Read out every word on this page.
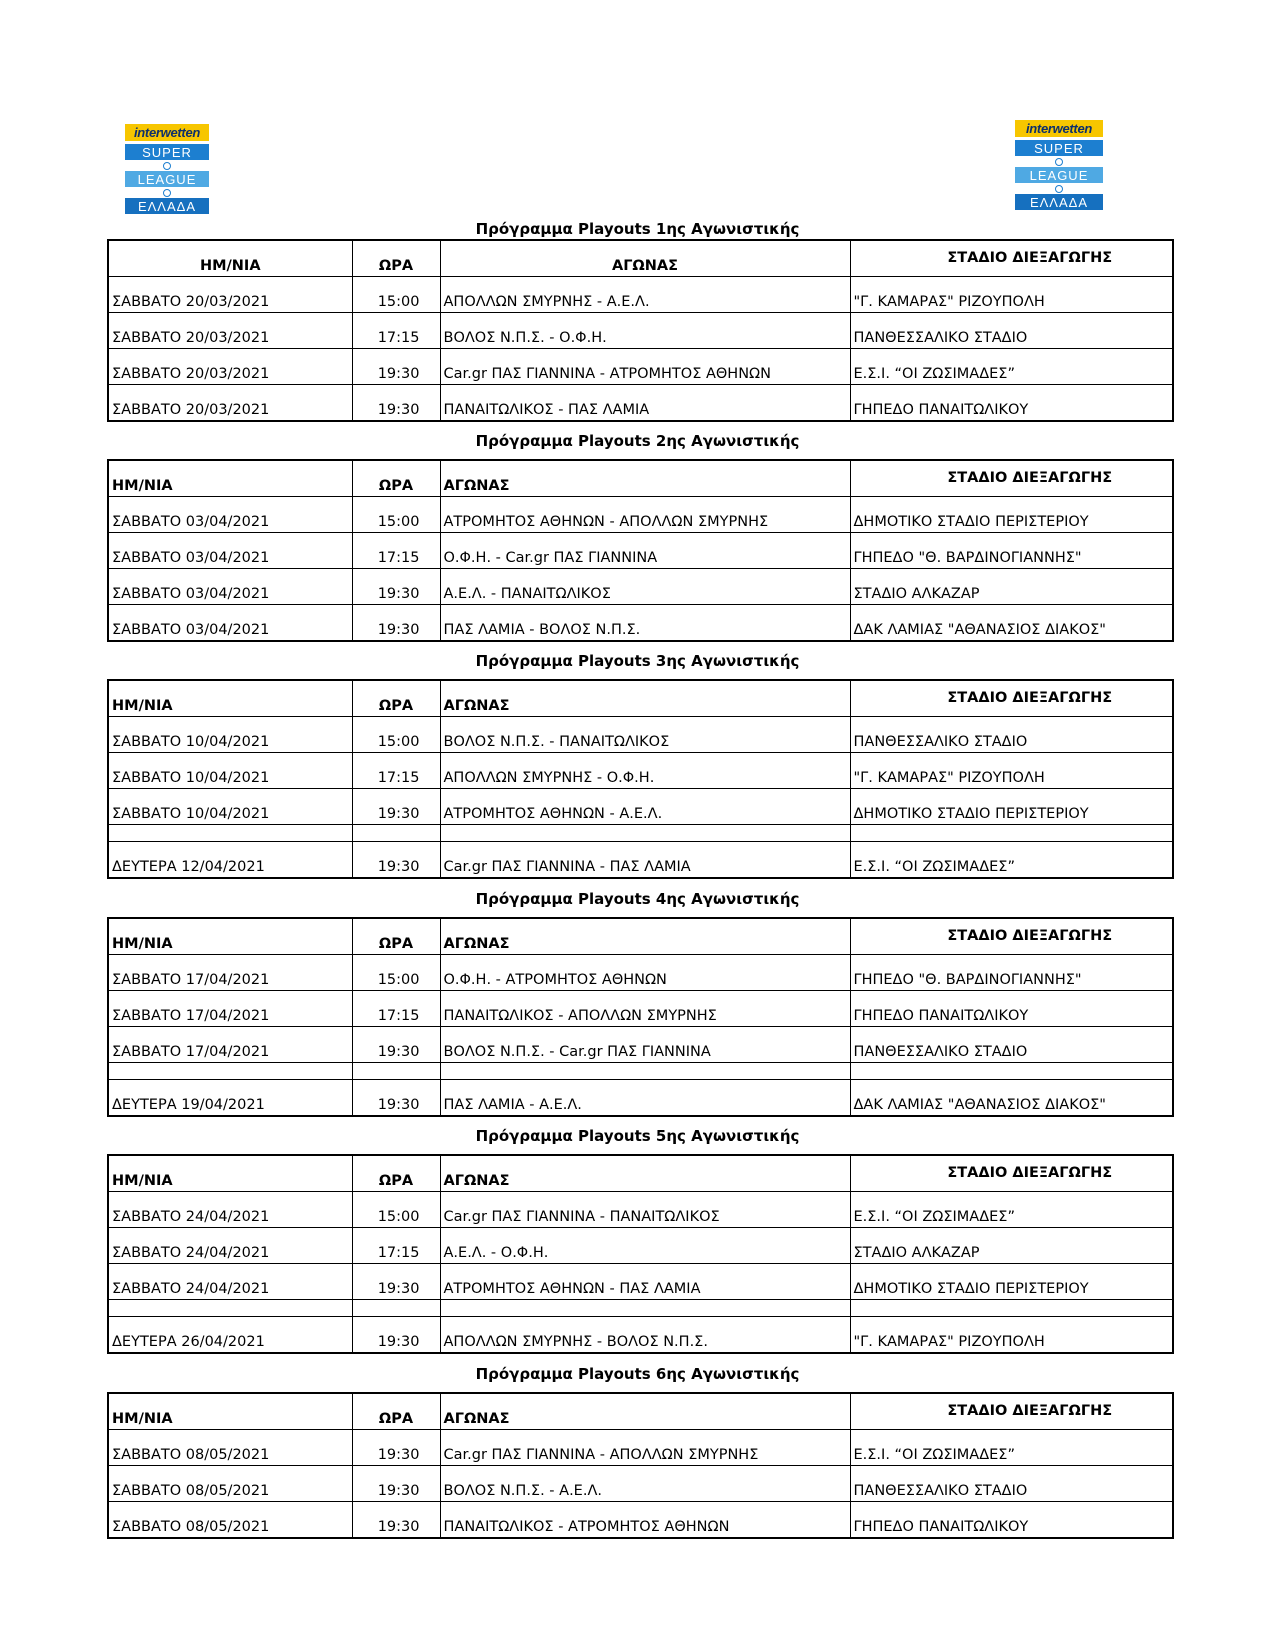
interwetten
SUPER
LEAGUE
ΕΛΛΑΔΑ
interwetten
SUPER
LEAGUE
ΕΛΛΑΔΑ
Πρόγραμμα Playouts 1ης Αγωνιστικής
ΗΜ/ΝΙΑ	ΩΡΑ	ΑΓΩΝΑΣ	ΣΤΑΔΙΟ ΔΙΕΞΑΓΩΓΗΣ
ΣΑΒΒΑΤΟ 20/03/2021	15:00	ΑΠΟΛΛΩΝ ΣΜΥΡΝΗΣ - Α.Ε.Λ.	"Γ. ΚΑΜΑΡΑΣ" ΡΙΖΟΥΠΟΛΗ
ΣΑΒΒΑΤΟ 20/03/2021	17:15	ΒΟΛΟΣ Ν.Π.Σ. - Ο.Φ.Η.	ΠΑΝΘΕΣΣΑΛΙΚΟ ΣΤΑΔΙΟ
ΣΑΒΒΑΤΟ 20/03/2021	19:30	Car.gr ΠΑΣ ΓΙΑΝΝΙΝΑ - ΑΤΡΟΜΗΤΟΣ ΑΘΗΝΩΝ	Ε.Σ.Ι. “ΟΙ ΖΩΣΙΜΑΔΕΣ”
ΣΑΒΒΑΤΟ 20/03/2021	19:30	ΠΑΝΑΙΤΩΛΙΚΟΣ - ΠΑΣ ΛΑΜΙΑ	ΓΗΠΕΔΟ ΠΑΝΑΙΤΩΛΙΚΟΥ
Πρόγραμμα Playouts 2ης Αγωνιστικής
ΗΜ/ΝΙΑ	ΩΡΑ	ΑΓΩΝΑΣ	ΣΤΑΔΙΟ ΔΙΕΞΑΓΩΓΗΣ
ΣΑΒΒΑΤΟ 03/04/2021	15:00	ΑΤΡΟΜΗΤΟΣ ΑΘΗΝΩΝ - ΑΠΟΛΛΩΝ ΣΜΥΡΝΗΣ	ΔΗΜΟΤΙΚΟ ΣΤΑΔΙΟ ΠΕΡΙΣΤΕΡΙΟΥ
ΣΑΒΒΑΤΟ 03/04/2021	17:15	Ο.Φ.Η. - Car.gr ΠΑΣ ΓΙΑΝΝΙΝΑ	ΓΗΠΕΔΟ "Θ. ΒΑΡΔΙΝΟΓΙΑΝΝΗΣ"
ΣΑΒΒΑΤΟ 03/04/2021	19:30	Α.Ε.Λ. - ΠΑΝΑΙΤΩΛΙΚΟΣ	ΣΤΑΔΙΟ ΑΛΚΑΖΑΡ
ΣΑΒΒΑΤΟ 03/04/2021	19:30	ΠΑΣ ΛΑΜΙΑ - ΒΟΛΟΣ Ν.Π.Σ.	ΔΑΚ ΛΑΜΙΑΣ "ΑΘΑΝΑΣΙΟΣ ΔΙΑΚΟΣ"
Πρόγραμμα Playouts 3ης Αγωνιστικής
ΗΜ/ΝΙΑ	ΩΡΑ	ΑΓΩΝΑΣ	ΣΤΑΔΙΟ ΔΙΕΞΑΓΩΓΗΣ
ΣΑΒΒΑΤΟ 10/04/2021	15:00	ΒΟΛΟΣ Ν.Π.Σ. - ΠΑΝΑΙΤΩΛΙΚΟΣ	ΠΑΝΘΕΣΣΑΛΙΚΟ ΣΤΑΔΙΟ
ΣΑΒΒΑΤΟ 10/04/2021	17:15	ΑΠΟΛΛΩΝ ΣΜΥΡΝΗΣ - Ο.Φ.Η.	"Γ. ΚΑΜΑΡΑΣ" ΡΙΖΟΥΠΟΛΗ
ΣΑΒΒΑΤΟ 10/04/2021	19:30	ΑΤΡΟΜΗΤΟΣ ΑΘΗΝΩΝ - Α.Ε.Λ.	ΔΗΜΟΤΙΚΟ ΣΤΑΔΙΟ ΠΕΡΙΣΤΕΡΙΟΥ

ΔΕΥΤΕΡΑ 12/04/2021	19:30	Car.gr ΠΑΣ ΓΙΑΝΝΙΝΑ - ΠΑΣ ΛΑΜΙΑ	Ε.Σ.Ι. “ΟΙ ΖΩΣΙΜΑΔΕΣ”
Πρόγραμμα Playouts 4ης Αγωνιστικής
ΗΜ/ΝΙΑ	ΩΡΑ	ΑΓΩΝΑΣ	ΣΤΑΔΙΟ ΔΙΕΞΑΓΩΓΗΣ
ΣΑΒΒΑΤΟ 17/04/2021	15:00	Ο.Φ.Η. - ΑΤΡΟΜΗΤΟΣ ΑΘΗΝΩΝ	ΓΗΠΕΔΟ "Θ. ΒΑΡΔΙΝΟΓΙΑΝΝΗΣ"
ΣΑΒΒΑΤΟ 17/04/2021	17:15	ΠΑΝΑΙΤΩΛΙΚΟΣ - ΑΠΟΛΛΩΝ ΣΜΥΡΝΗΣ	ΓΗΠΕΔΟ ΠΑΝΑΙΤΩΛΙΚΟΥ
ΣΑΒΒΑΤΟ 17/04/2021	19:30	ΒΟΛΟΣ Ν.Π.Σ. - Car.gr ΠΑΣ ΓΙΑΝΝΙΝΑ	ΠΑΝΘΕΣΣΑΛΙΚΟ ΣΤΑΔΙΟ

ΔΕΥΤΕΡΑ 19/04/2021	19:30	ΠΑΣ ΛΑΜΙΑ - Α.Ε.Λ.	ΔΑΚ ΛΑΜΙΑΣ "ΑΘΑΝΑΣΙΟΣ ΔΙΑΚΟΣ"
Πρόγραμμα Playouts 5ης Αγωνιστικής
ΗΜ/ΝΙΑ	ΩΡΑ	ΑΓΩΝΑΣ	ΣΤΑΔΙΟ ΔΙΕΞΑΓΩΓΗΣ
ΣΑΒΒΑΤΟ 24/04/2021	15:00	Car.gr ΠΑΣ ΓΙΑΝΝΙΝΑ - ΠΑΝΑΙΤΩΛΙΚΟΣ	Ε.Σ.Ι. “ΟΙ ΖΩΣΙΜΑΔΕΣ”
ΣΑΒΒΑΤΟ 24/04/2021	17:15	Α.Ε.Λ. - Ο.Φ.Η.	ΣΤΑΔΙΟ ΑΛΚΑΖΑΡ
ΣΑΒΒΑΤΟ 24/04/2021	19:30	ΑΤΡΟΜΗΤΟΣ ΑΘΗΝΩΝ - ΠΑΣ ΛΑΜΙΑ	ΔΗΜΟΤΙΚΟ ΣΤΑΔΙΟ ΠΕΡΙΣΤΕΡΙΟΥ

ΔΕΥΤΕΡΑ 26/04/2021	19:30	ΑΠΟΛΛΩΝ ΣΜΥΡΝΗΣ - ΒΟΛΟΣ Ν.Π.Σ.	"Γ. ΚΑΜΑΡΑΣ" ΡΙΖΟΥΠΟΛΗ
Πρόγραμμα Playouts 6ης Αγωνιστικής
ΗΜ/ΝΙΑ	ΩΡΑ	ΑΓΩΝΑΣ	ΣΤΑΔΙΟ ΔΙΕΞΑΓΩΓΗΣ
ΣΑΒΒΑΤΟ 08/05/2021	19:30	Car.gr ΠΑΣ ΓΙΑΝΝΙΝΑ - ΑΠΟΛΛΩΝ ΣΜΥΡΝΗΣ	Ε.Σ.Ι. “ΟΙ ΖΩΣΙΜΑΔΕΣ”
ΣΑΒΒΑΤΟ 08/05/2021	19:30	ΒΟΛΟΣ Ν.Π.Σ. - Α.Ε.Λ.	ΠΑΝΘΕΣΣΑΛΙΚΟ ΣΤΑΔΙΟ
ΣΑΒΒΑΤΟ 08/05/2021	19:30	ΠΑΝΑΙΤΩΛΙΚΟΣ - ΑΤΡΟΜΗΤΟΣ ΑΘΗΝΩΝ	ΓΗΠΕΔΟ ΠΑΝΑΙΤΩΛΙΚΟΥ
